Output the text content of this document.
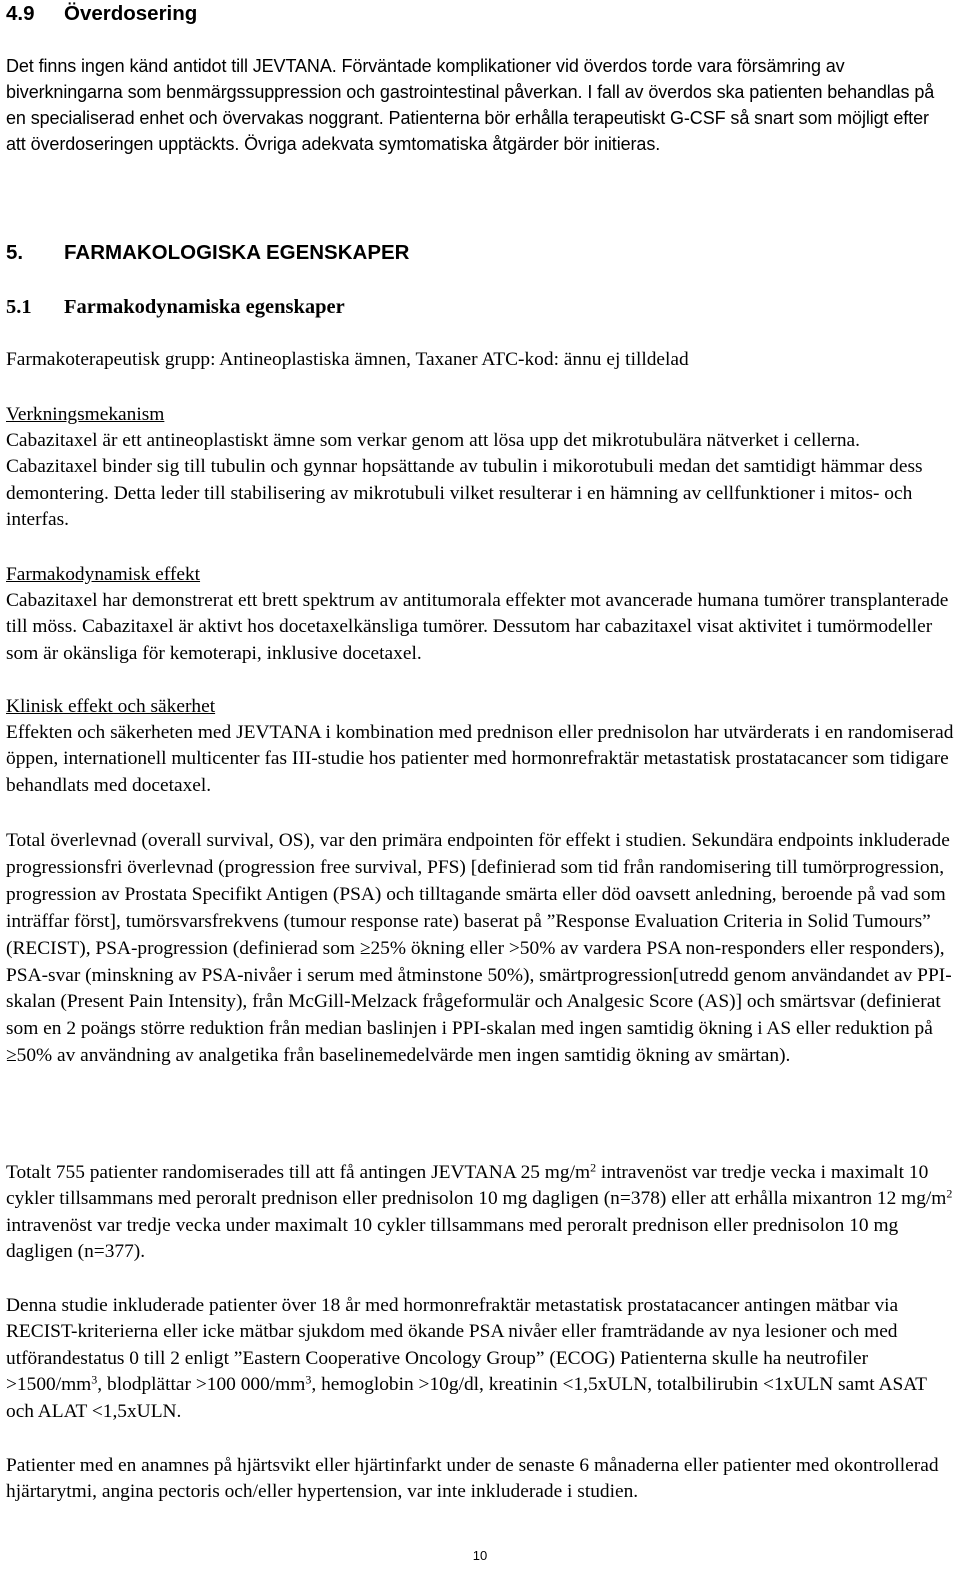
4.9 Överdosering

Det finns ingen känd antidot till JEVTANA. Förväntade komplikationer vid överdos torde vara försämring av biverkningarna som benmärgssuppression och gastrointestinal påverkan. I fall av överdos ska patienten behandlas på en specialiserad enhet och övervakas noggrant. Patienterna bör erhålla terapeutiskt G-CSF så snart som möjligt efter att överdoseringen upptäckts. Övriga adekvata symtomatiska åtgärder bör initieras.

5. FARMAKOLOGISKA EGENSKAPER
5.1 Farmakodynamiska egenskaper

Farmakoterapeutisk grupp: Antineoplastiska ämnen, Taxaner ATC-kod: ännu ej tilldelad

Verkningsmekanism

Cabazitaxel är ett antineoplastiskt ämne som verkar genom att lösa upp det mikrotubulära nätverket i cellerna. Cabazitaxel binder sig till tubulin och gynnar hopsättande av tubulin i mikorotubuli medan det samtidigt hämmar dess demontering. Detta leder till stabilisering av mikrotubuli vilket resulterar i en hämning av cellfunktioner i mitos- och interfas.

Farmakodynamisk effekt

Cabazitaxel har demonstrerat ett brett spektrum av antitumorala effekter mot avancerade humana tumörer transplanterade till möss. Cabazitaxel är aktivt hos docetaxelkänsliga tumörer. Dessutom har cabazitaxel visat aktivitet i tumörmodeller som är okänsliga för kemoterapi, inklusive docetaxel.

Klinisk effekt och säkerhet

Effekten och säkerheten med JEVTANA i kombination med prednison eller prednisolon har utvärderats i en randomiserad öppen, internationell multicenter fas III-studie hos patienter med hormonrefraktär metastatisk prostatacancer som tidigare behandlats med docetaxel.

Total överlevnad (overall survival, OS), var den primära endpointen för effekt i studien. Sekundära endpoints inkluderade progressionsfri överlevnad (progression free survival, PFS) [definierad som tid från randomisering till tumörprogression, progression av Prostata Specifikt Antigen (PSA) och tilltagande smärta eller död oavsett anledning, beroende på vad som inträffar först], tumörsvarsfrekvens (tumour response rate) baserat på ”Response Evaluation Criteria in Solid Tumours” (RECIST), PSA-progression (definierad som ≥25% ökning eller >50% av vardera PSA non-responders eller responders), PSA-svar (minskning av PSA-nivåer i serum med åtminstone 50%), smärtprogression[utredd genom användandet av PPI-skalan (Present Pain Intensity), från McGill-Melzack frågeformulär och Analgesic Score (AS)] och smärtsvar (definierat som en 2 poängs större reduktion från median baslinjen i PPI-skalan med ingen samtidig ökning i AS eller reduktion på ≥50% av användning av analgetika från baselinemedelvärde men ingen samtidig ökning av smärtan).

Totalt 755 patienter randomiserades till att få antingen JEVTANA 25 $mg/m^2$ intravenöst var tredje vecka i maximalt 10 cykler tillsammans med peroralt prednison eller prednisolon 10 mg dagligen (n=378) eller att erhålla mixantron 12 $mg/m^2$ intravenöst var tredje vecka under maximalt 10 cykler tillsammans med peroralt prednison eller prednisolon 10 mg dagligen (n=377).

Denna studie inkluderade patienter över 18 år med hormonrefraktär metastatisk prostatacancer antingen mätbar via RECIST-kriterierna eller icke mätbar sjukdom med ökande PSA nivåer eller framträdande av nya lesioner och med utförandestatus 0 till 2 enligt ”Eastern Cooperative Oncology Group” (ECOG) Patienterna skulle ha neutrofiler $>1500/mm^3$, blodplättar >100 $000/mm^3$, hemoglobin >10g/dl, kreatinin <1,5xULN, totalbilirubin <1xULN samt ASAT och ALAT <1,5xULN.

Patienter med en anamnes på hjärtsvikt eller hjärtinfarkt under de senaste 6 månaderna eller patienter med okontrollerad hjärtarytmi, angina pectoris och/eller hypertension, var inte inkluderade i studien.

10
